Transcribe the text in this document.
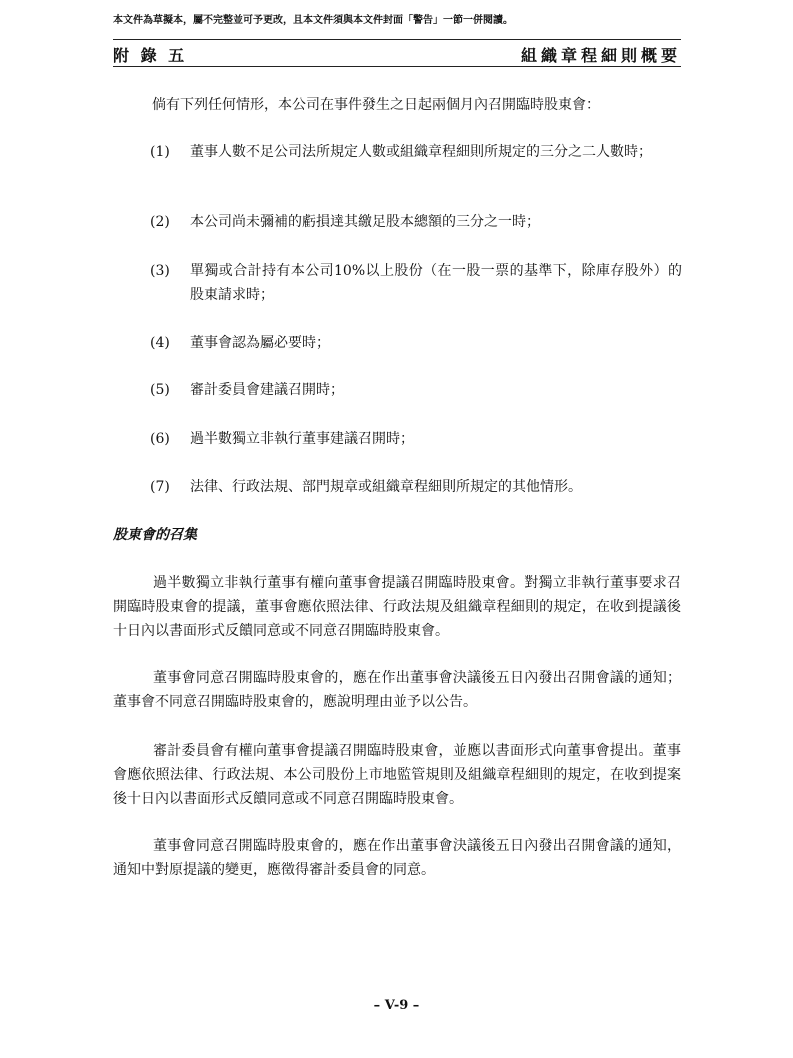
本文件為草擬本，屬不完整並可予更改，且本文件須與本文件封面「警告」一節一併閱讀。
附 錄 五	組織章程細則概要
倘有下列任何情形，本公司在事件發生之日起兩個月內召開臨時股東會：
(1) 董事人數不足公司法所規定人數或組織章程細則所規定的三分之二人數時；
(2) 本公司尚未彌補的虧損達其繳足股本總額的三分之一時；
(3) 單獨或合計持有本公司10%以上股份（在一股一票的基準下，除庫存股外）的股東請求時；
(4) 董事會認為屬必要時；
(5) 審計委員會建議召開時；
(6) 過半數獨立非執行董事建議召開時；
(7) 法律、行政法規、部門規章或組織章程細則所規定的其他情形。
股東會的召集
過半數獨立非執行董事有權向董事會提議召開臨時股東會。對獨立非執行董事要求召開臨時股東會的提議，董事會應依照法律、行政法規及組織章程細則的規定，在收到提議後十日內以書面形式反饋同意或不同意召開臨時股東會。
董事會同意召開臨時股東會的，應在作出董事會決議後五日內發出召開會議的通知；董事會不同意召開臨時股東會的，應說明理由並予以公告。
審計委員會有權向董事會提議召開臨時股東會，並應以書面形式向董事會提出。董事會應依照法律、行政法規、本公司股份上市地監管規則及組織章程細則的規定，在收到提案後十日內以書面形式反饋同意或不同意召開臨時股東會。
董事會同意召開臨時股東會的，應在作出董事會決議後五日內發出召開會議的通知，通知中對原提議的變更，應徵得審計委員會的同意。
– V-9 –
